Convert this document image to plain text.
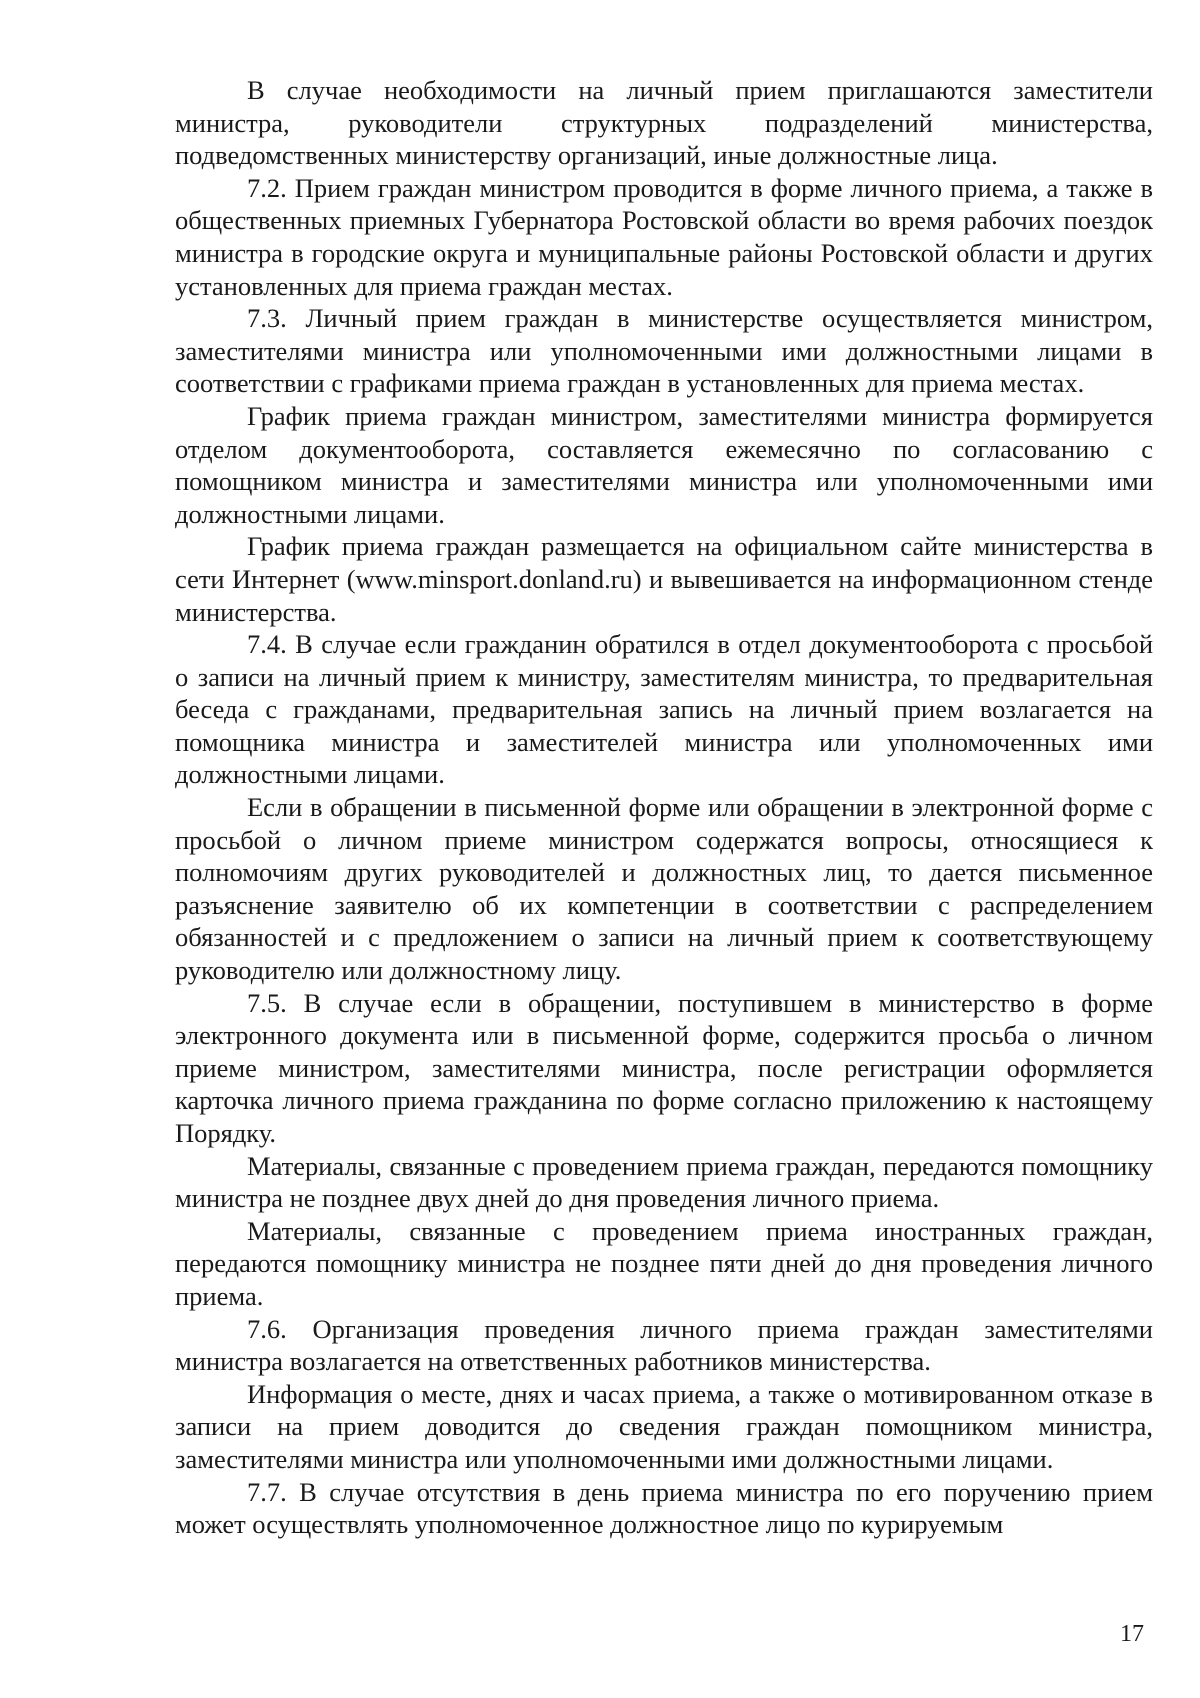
В случае необходимости на личный прием приглашаются заместители министра, руководители структурных подразделений министерства, подведомственных министерству организаций, иные должностные лица.

7.2. Прием граждан министром проводится в форме личного приема, а также в общественных приемных Губернатора Ростовской области во время рабочих поездок министра в городские округа и муниципальные районы Ростовской области и других установленных для приема граждан местах.

7.3. Личный прием граждан в министерстве осуществляется министром, заместителями министра или уполномоченными ими должностными лицами в соответствии с графиками приема граждан в установленных для приема местах.

График приема граждан министром, заместителями министра формируется отделом документооборота, составляется ежемесячно по согласованию с помощником министра и заместителями министра или уполномоченными ими должностными лицами.

График приема граждан размещается на официальном сайте министерства в сети Интернет (www.minsport.donland.ru) и вывешивается на информационном стенде министерства.

7.4. В случае если гражданин обратился в отдел документооборота с просьбой о записи на личный прием к министру, заместителям министра, то предварительная беседа с гражданами, предварительная запись на личный прием возлагается на помощника министра и заместителей министра или уполномоченных ими должностными лицами.

Если в обращении в письменной форме или обращении в электронной форме с просьбой о личном приеме министром содержатся вопросы, относящиеся к полномочиям других руководителей и должностных лиц, то дается письменное разъяснение заявителю об их компетенции в соответствии с распределением обязанностей и с предложением о записи на личный прием к соответствующему руководителю или должностному лицу.

7.5. В случае если в обращении, поступившем в министерство в форме электронного документа или в письменной форме, содержится просьба о личном приеме министром, заместителями министра, после регистрации оформляется карточка личного приема гражданина по форме согласно приложению к настоящему Порядку.

Материалы, связанные с проведением приема граждан, передаются помощнику министра не позднее двух дней до дня проведения личного приема.

Материалы, связанные с проведением приема иностранных граждан, передаются помощнику министра не позднее пяти дней до дня проведения личного приема.

7.6. Организация проведения личного приема граждан заместителями министра возлагается на ответственных работников министерства.

Информация о месте, днях и часах приема, а также о мотивированном отказе в записи на прием доводится до сведения граждан помощником министра, заместителями министра или уполномоченными ими должностными лицами.

7.7. В случае отсутствия в день приема министра по его поручению прием может осуществлять уполномоченное должностное лицо по курируемым

17
